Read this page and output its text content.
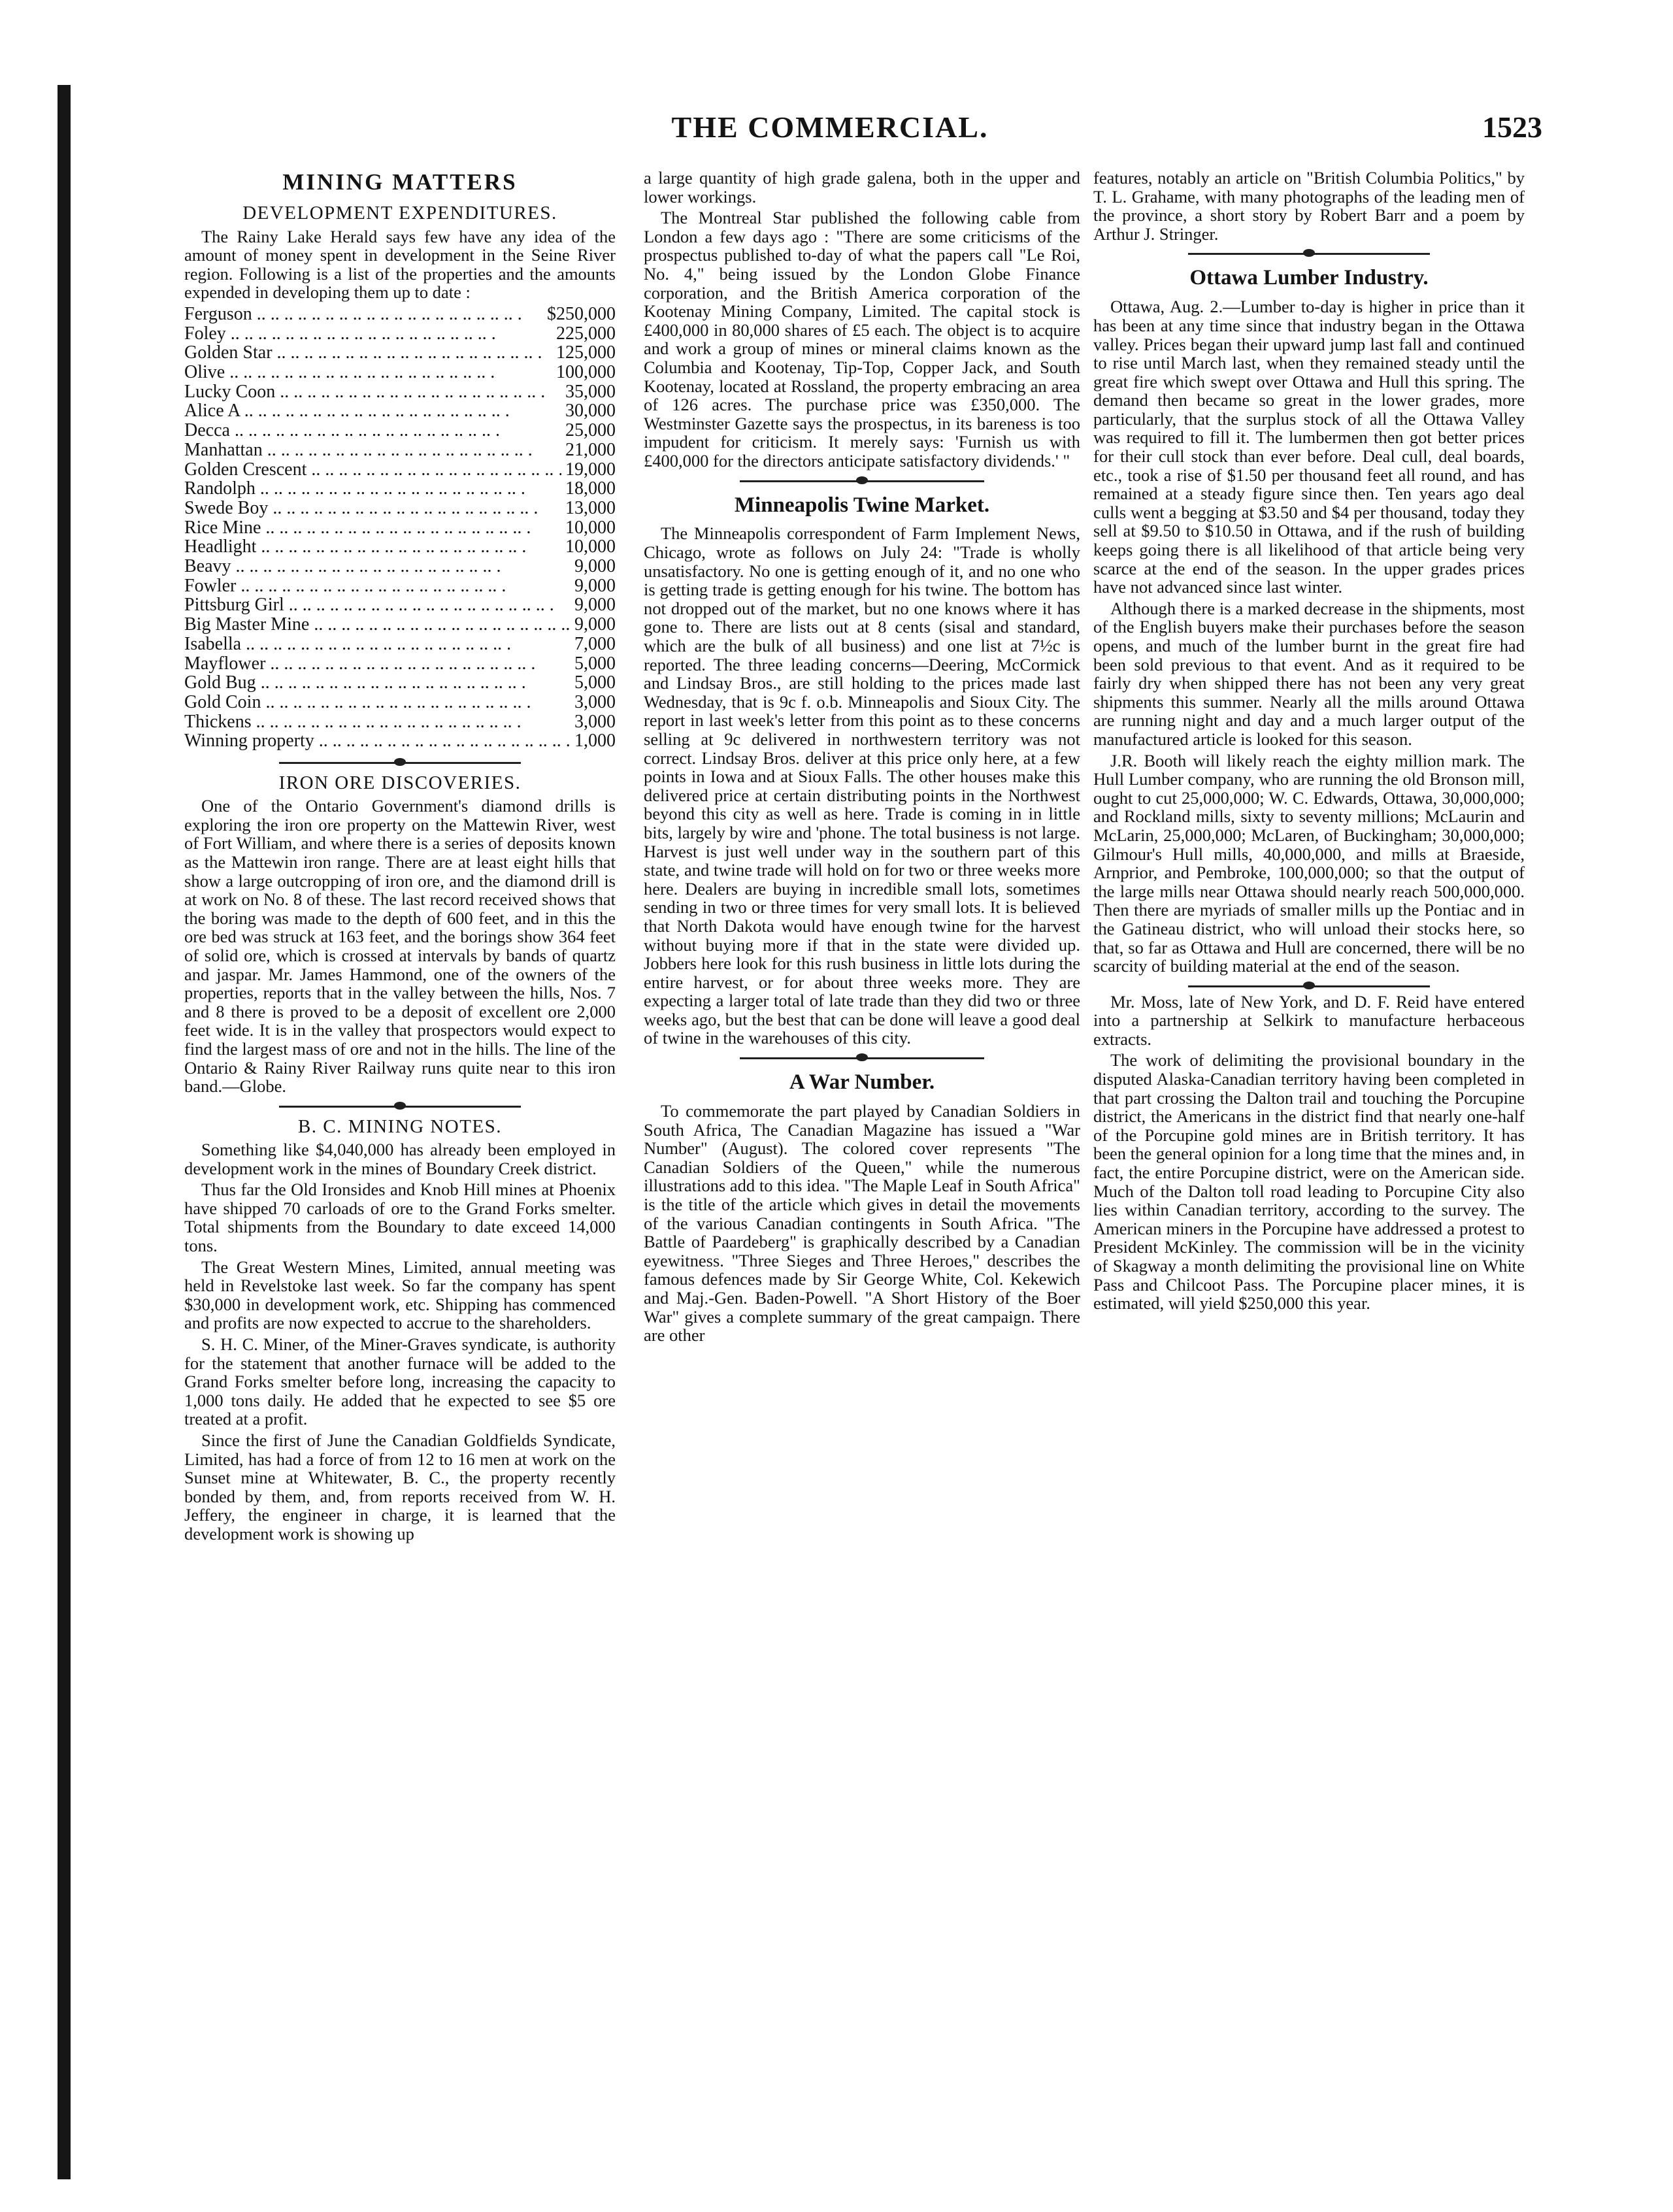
THE COMMERCIAL.	1523
MINING MATTERS
DEVELOPMENT EXPENDITURES.

The Rainy Lake Herald says few have any idea of the amount of money spent in development in the Seine River region. Following is a list of the properties and the amounts expended in developing them up to date :

Ferguson .. ..	$250,000
Foley .. ..	225,000
Golden Star .. ..	125,000
Olive .. ..	100,000
Lucky Coon .. ..	35,000
Alice A .. ..	30,000
Decca .. ..	25,000
Manhattan .. ..	21,000
Golden Crescent .. ..	19,000
Randolph .. ..	18,000
Swede Boy .. ..	13,000
Rice Mine .. ..	10,000
Headlight .. ..	10,000
Beavy .. ..	9,000
Fowler .. ..	9,000
Pittsburg Girl .. ..	9,000
Big Master Mine .. ..	9,000
Isabella .. ..	7,000
Mayflower .. ..	5,000
Gold Bug .. ..	5,000
Gold Coin .. ..	3,000
Thickens .. ..	3,000
Winning property .. ..	1,000
IRON ORE DISCOVERIES.

One of the Ontario Government's diamond drills is exploring the iron ore property on the Mattewin River, west of Fort William, and where there is a series of deposits known as the Mattewin iron range. There are at least eight hills that show a large outcropping of iron ore, and the diamond drill is at work on No. 8 of these. The last record received shows that the boring was made to the depth of 600 feet, and in this the ore bed was struck at 163 feet, and the borings show 364 feet of solid ore, which is crossed at intervals by bands of quartz and jaspar. Mr. James Hammond, one of the owners of the properties, reports that in the valley between the hills, Nos. 7 and 8 there is proved to be a deposit of excellent ore 2,000 feet wide. It is in the valley that prospectors would expect to find the largest mass of ore and not in the hills. The line of the Ontario & Rainy River Railway runs quite near to this iron band.—Globe.

B. C. MINING NOTES.

Something like $4,040,000 has already been employed in development work in the mines of Boundary Creek district.

Thus far the Old Ironsides and Knob Hill mines at Phoenix have shipped 70 carloads of ore to the Grand Forks smelter. Total shipments from the Boundary to date exceed 14,000 tons.

The Great Western Mines, Limited, annual meeting was held in Revelstoke last week. So far the company has spent $30,000 in development work, etc. Shipping has commenced and profits are now expected to accrue to the shareholders.

S. H. C. Miner, of the Miner-Graves syndicate, is authority for the statement that another furnace will be added to the Grand Forks smelter before long, increasing the capacity to 1,000 tons daily. He added that he expected to see $5 ore treated at a profit.

Since the first of June the Canadian Goldfields Syndicate, Limited, has had a force of from 12 to 16 men at work on the Sunset mine at Whitewater, B. C., the property recently bonded by them, and, from reports received from W. H. Jeffery, the engineer in charge, it is learned that the development work is showing up

a large quantity of high grade galena, both in the upper and lower workings.

The Montreal Star published the following cable from London a few days ago : "There are some criticisms of the prospectus published to-day of what the papers call "Le Roi, No. 4," being issued by the London Globe Finance corporation, and the British America corporation of the Kootenay Mining Company, Limited. The capital stock is £400,000 in 80,000 shares of £5 each. The object is to acquire and work a group of mines or mineral claims known as the Columbia and Kootenay, Tip-Top, Copper Jack, and South Kootenay, located at Rossland, the property embracing an area of 126 acres. The purchase price was £350,000. The Westminster Gazette says the prospectus, in its bareness is too impudent for criticism. It merely says: 'Furnish us with £400,000 for the directors anticipate satisfactory dividends.' "

Minneapolis Twine Market.

The Minneapolis correspondent of Farm Implement News, Chicago, wrote as follows on July 24: "Trade is wholly unsatisfactory. No one is getting enough of it, and no one who is getting trade is getting enough for his twine. The bottom has not dropped out of the market, but no one knows where it has gone to. There are lists out at 8 cents (sisal and standard, which are the bulk of all business) and one list at 7½c is reported. The three leading concerns—Deering, McCormick and Lindsay Bros., are still holding to the prices made last Wednesday, that is 9c f. o.b. Minneapolis and Sioux City. The report in last week's letter from this point as to these concerns selling at 9c delivered in northwestern territory was not correct. Lindsay Bros. deliver at this price only here, at a few points in Iowa and at Sioux Falls. The other houses make this delivered price at certain distributing points in the Northwest beyond this city as well as here. Trade is coming in in little bits, largely by wire and 'phone. The total business is not large. Harvest is just well under way in the southern part of this state, and twine trade will hold on for two or three weeks more here. Dealers are buying in incredible small lots, sometimes sending in two or three times for very small lots. It is believed that North Dakota would have enough twine for the harvest without buying more if that in the state were divided up. Jobbers here look for this rush business in little lots during the entire harvest, or for about three weeks more. They are expecting a larger total of late trade than they did two or three weeks ago, but the best that can be done will leave a good deal of twine in the warehouses of this city.

A War Number.

To commemorate the part played by Canadian Soldiers in South Africa, The Canadian Magazine has issued a "War Number" (August). The colored cover represents "The Canadian Soldiers of the Queen," while the numerous illustrations add to this idea. "The Maple Leaf in South Africa" is the title of the article which gives in detail the movements of the various Canadian contingents in South Africa. "The Battle of Paardeberg" is graphically described by a Canadian eyewitness. "Three Sieges and Three Heroes," describes the famous defences made by Sir George White, Col. Kekewich and Maj.-Gen. Baden-Powell. "A Short History of the Boer War" gives a complete summary of the great campaign. There are other

features, notably an article on "British Columbia Politics," by T. L. Grahame, with many photographs of the leading men of the province, a short story by Robert Barr and a poem by Arthur J. Stringer.

Ottawa Lumber Industry.

Ottawa, Aug. 2.—Lumber to-day is higher in price than it has been at any time since that industry began in the Ottawa valley. Prices began their upward jump last fall and continued to rise until March last, when they remained steady until the great fire which swept over Ottawa and Hull this spring. The demand then became so great in the lower grades, more particularly, that the surplus stock of all the Ottawa Valley was required to fill it. The lumbermen then got better prices for their cull stock than ever before. Deal cull, deal boards, etc., took a rise of $1.50 per thousand feet all round, and has remained at a steady figure since then. Ten years ago deal culls went a begging at $3.50 and $4 per thousand, today they sell at $9.50 to $10.50 in Ottawa, and if the rush of building keeps going there is all likelihood of that article being very scarce at the end of the season. In the upper grades prices have not advanced since last winter.

Although there is a marked decrease in the shipments, most of the English buyers make their purchases before the season opens, and much of the lumber burnt in the great fire had been sold previous to that event. And as it required to be fairly dry when shipped there has not been any very great shipments this summer. Nearly all the mills around Ottawa are running night and day and a much larger output of the manufactured article is looked for this season.

J.R. Booth will likely reach the eighty million mark. The Hull Lumber company, who are running the old Bronson mill, ought to cut 25,000,000; W. C. Edwards, Ottawa, 30,000,000; and Rockland mills, sixty to seventy millions; McLaurin and McLarin, 25,000,000; McLaren, of Buckingham; 30,000,000; Gilmour's Hull mills, 40,000,000, and mills at Braeside, Arnprior, and Pembroke, 100,000,000; so that the output of the large mills near Ottawa should nearly reach 500,000,000. Then there are myriads of smaller mills up the Pontiac and in the Gatineau district, who will unload their stocks here, so that, so far as Ottawa and Hull are concerned, there will be no scarcity of building material at the end of the season.

Mr. Moss, late of New York, and D. F. Reid have entered into a partnership at Selkirk to manufacture herbaceous extracts.

The work of delimiting the provisional boundary in the disputed Alaska-Canadian territory having been completed in that part crossing the Dalton trail and touching the Porcupine district, the Americans in the district find that nearly one-half of the Porcupine gold mines are in British territory. It has been the general opinion for a long time that the mines and, in fact, the entire Porcupine district, were on the American side. Much of the Dalton toll road leading to Porcupine City also lies within Canadian territory, according to the survey. The American miners in the Porcupine have addressed a protest to President McKinley. The commission will be in the vicinity of Skagway a month delimiting the provisional line on White Pass and Chilcoot Pass. The Porcupine placer mines, it is estimated, will yield $250,000 this year.
